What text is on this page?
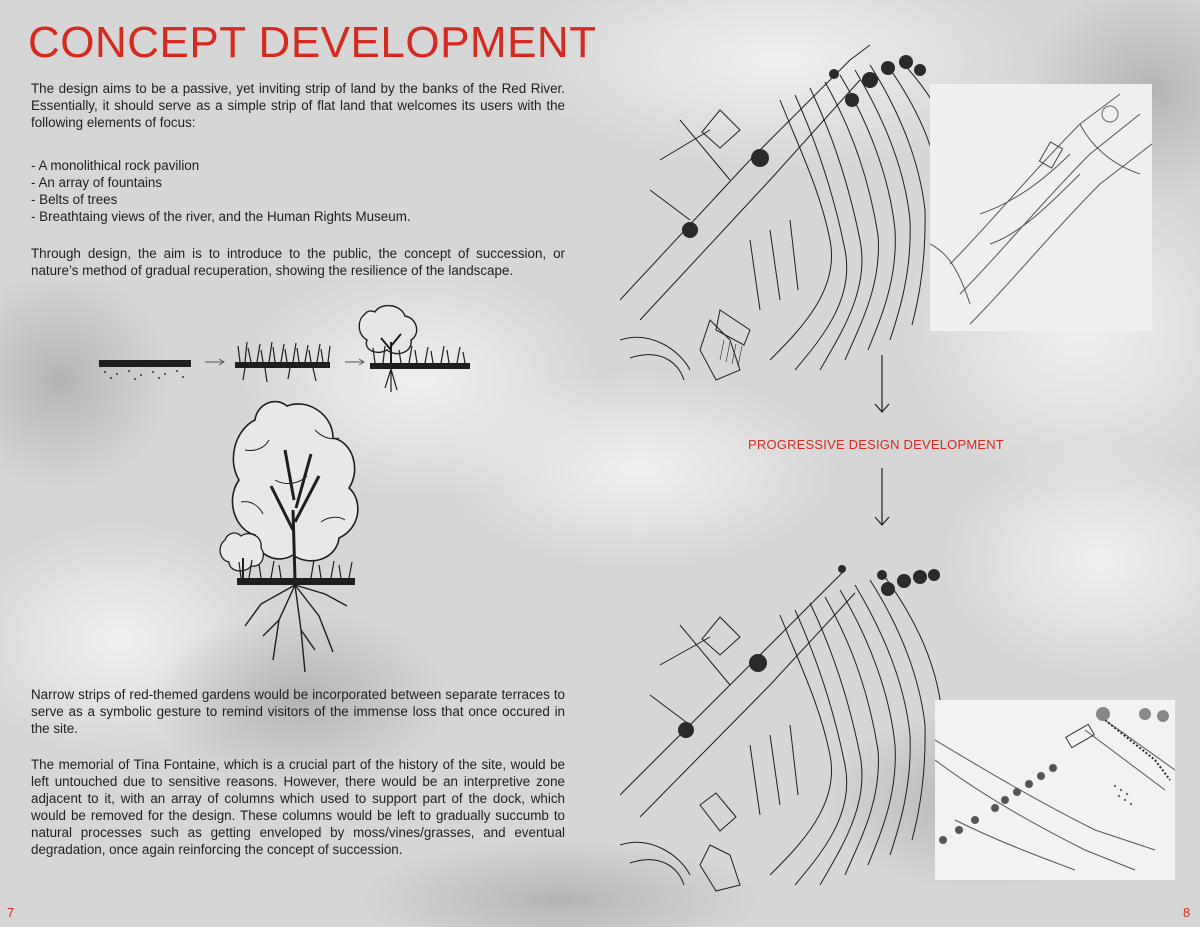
CONCEPT DEVELOPMENT

The design aims to be a passive, yet inviting strip of land by the banks of the Red River. Essentially, it should serve as a simple strip of flat land that welcomes its users with the following elements of focus:

- A monolithical rock pavilion
- An array of fountains
- Belts of trees
- Breathtaing views of the river, and the Human Rights Museum.

Through design, the aim is to introduce to the public, the concept of succession, or nature’s method of gradual recuperation, showing the resilience of the landscape.

Narrow strips of red-themed gardens would be incorporated between separate terraces to serve as a symbolic gesture to remind visitors of the immense loss that once occured in the site.

The memorial of Tina Fontaine, which is a crucial part of the history of the site, would be left untouched due to sensitive reasons. However, there would be an interpretive zone adjacent to it, with an array of columns which used to support part of the dock, which would be removed for the design. These columns would be left to gradually succumb to natural processes such as getting enveloped by moss/vines/grasses, and eventual degradation, once again reinforcing the concept of succession.

7
PROGRESSIVE DESIGN DEVELOPMENT
8
